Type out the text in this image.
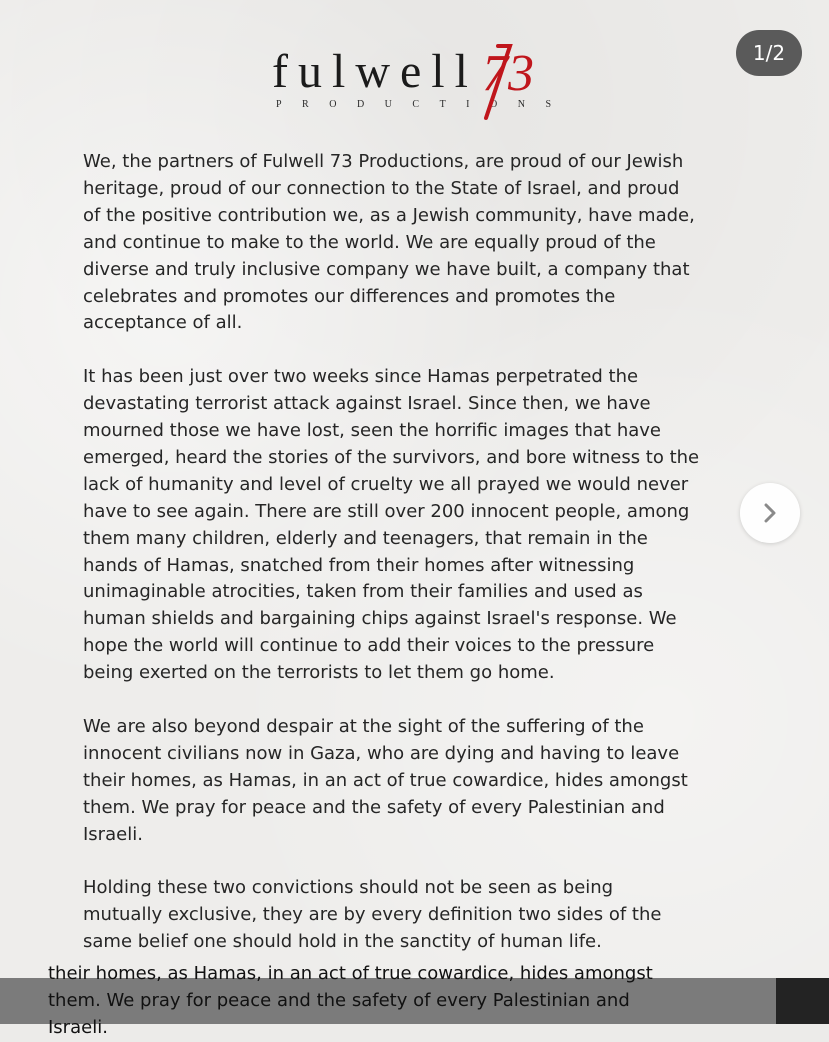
fulwell
PRODUCTIONS
73	1/2

We, the partners of Fulwell 73 Productions, are proud of our Jewish
heritage, proud of our connection to the State of Israel, and proud
of the positive contribution we, as a Jewish community, have made,
and continue to make to the world. We are equally proud of the
diverse and truly inclusive company we have built, a company that
celebrates and promotes our differences and promotes the
acceptance of all.

It has been just over two weeks since Hamas perpetrated the
devastating terrorist attack against Israel. Since then, we have
mourned those we have lost, seen the horrific images that have
emerged, heard the stories of the survivors, and bore witness to the
lack of humanity and level of cruelty we all prayed we would never
have to see again. There are still over 200 innocent people, among
them many children, elderly and teenagers, that remain in the
hands of Hamas, snatched from their homes after witnessing
unimaginable atrocities, taken from their families and used as
human shields and bargaining chips against Israel's response. We
hope the world will continue to add their voices to the pressure
being exerted on the terrorists to let them go home.

We are also beyond despair at the sight of the suffering of the
innocent civilians now in Gaza, who are dying and having to leave
their homes, as Hamas, in an act of true cowardice, hides amongst
them. We pray for peace and the safety of every Palestinian and
Israeli.

Holding these two convictions should not be seen as being
mutually exclusive, they are by every definition two sides of the
same belief one should hold in the sanctity of human life.

their homes, as Hamas, in an act of true cowardice, hides amongst
them. We pray for peace and the safety of every Palestinian and
Israeli.
